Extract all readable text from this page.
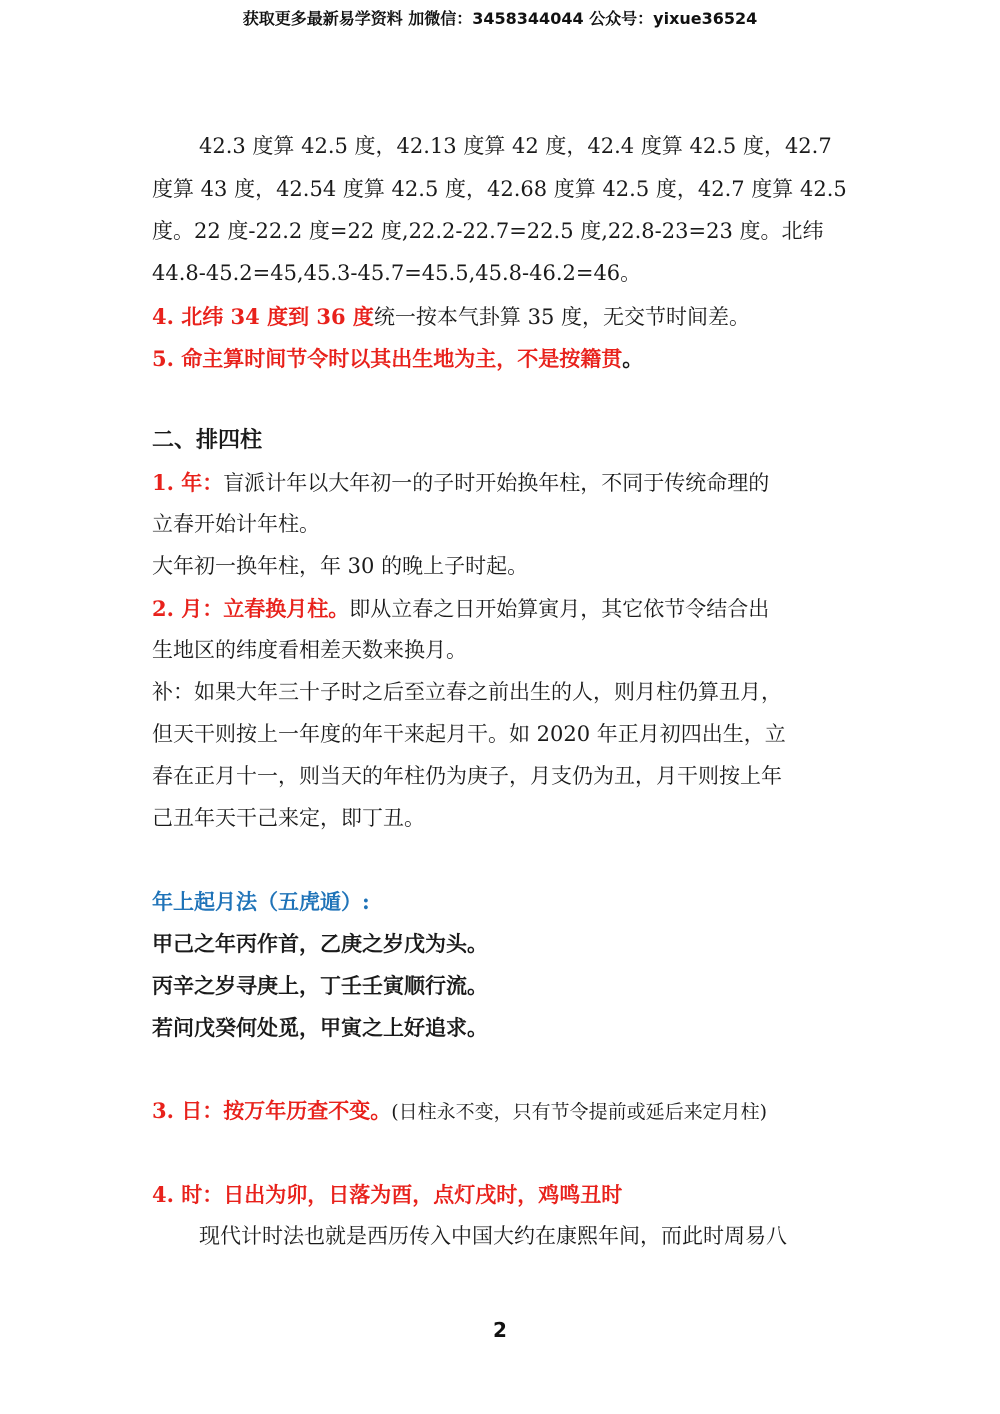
获取更多最新易学资料 加微信：3458344044 公众号：yixue36524
42.3 度算 42.5 度，42.13 度算 42 度，42.4 度算 42.5 度，42.7
度算 43 度，42.54 度算 42.5 度，42.68 度算 42.5 度，42.7 度算 42.5
度。22 度-22.2 度=22 度,22.2-22.7=22.5 度,22.8-23=23 度。北纬
44.8-45.2=45,45.3-45.7=45.5,45.8-46.2=46。
4. 北纬 34 度到 36 度统一按本气卦算 35 度，无交节时间差。
5. 命主算时间节令时以其出生地为主，不是按籍贯。
二、排四柱
1. 年：盲派计年以大年初一的子时开始换年柱，不同于传统命理的
立春开始计年柱。
大年初一换年柱，年 30 的晚上子时起。
2. 月：立春换月柱。即从立春之日开始算寅月，其它依节令结合出
生地区的纬度看相差天数来换月。
补：如果大年三十子时之后至立春之前出生的人，则月柱仍算丑月，
但天干则按上一年度的年干来起月干。如 2020 年正月初四出生，立
春在正月十一，则当天的年柱仍为庚子，月支仍为丑，月干则按上年
己丑年天干己来定，即丁丑。
年上起月法（五虎遁）:
甲己之年丙作首，乙庚之岁戊为头。
丙辛之岁寻庚上，丁壬壬寅顺行流。
若问戊癸何处觅，甲寅之上好追求。
3. 日：按万年历查不变。(日柱永不变，只有节令提前或延后来定月柱)
4. 时：日出为卯，日落为酉，点灯戌时，鸡鸣丑时
现代计时法也就是西历传入中国大约在康熙年间，而此时周易八
2
